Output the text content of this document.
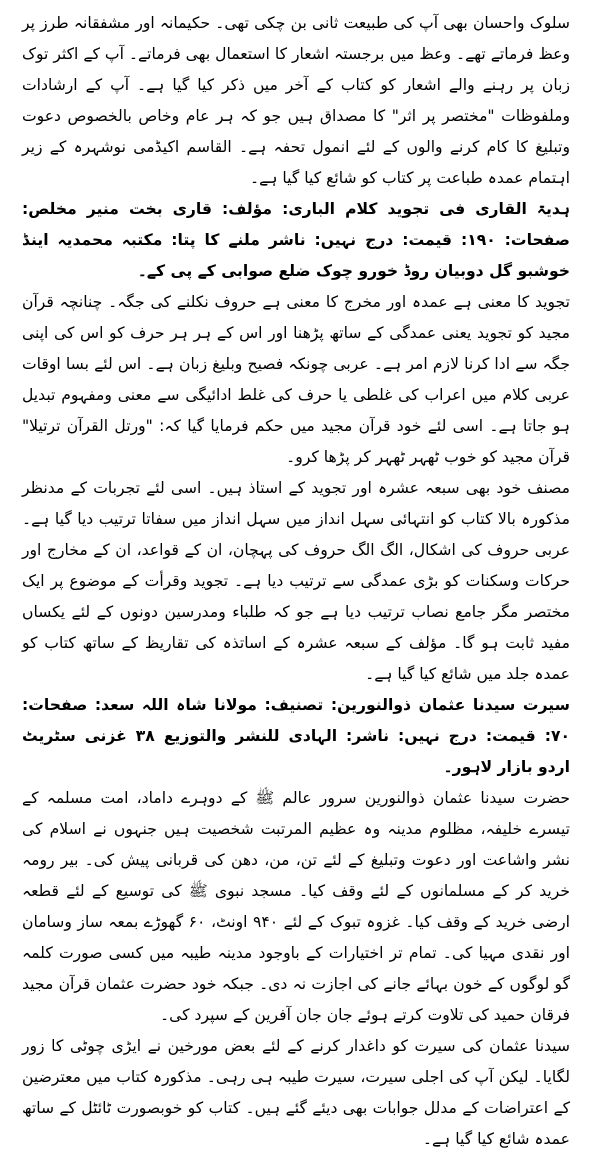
سلوک واحسان بھی آپ کی طبیعت ثانی بن چکی تھی۔ حکیمانہ اور مشفقانہ طرز پر وعظ فرماتے تھے۔ وعظ میں برجستہ اشعار کا استعمال بھی فرماتے۔ آپ کے اکثر توک زبان پر رہنے والے اشعار کو کتاب کے آخر میں ذکر کیا گیا ہے۔ آپ کے ارشادات وملفوظات "مختصر پر اثر" کا مصداق ہیں جو کہ ہر عام وخاص بالخصوص دعوت وتبلیغ کا کام کرنے والوں کے لئے انمول تحفہ ہے۔ القاسم اکیڈمی نوشہرہ کے زیر اہتمام عمدہ طباعت پر کتاب کو شائع کیا گیا ہے۔

ہدیۃ القاری فی تجوید کلام الباری: مؤلف: قاری بخت منیر مخلص: صفحات: ۱۹۰: قیمت: درج نہیں: ناشر ملنے کا پتا: مکتبہ محمدیہ اینڈ خوشبو گل دوبیان روڈ خورو چوک ضلع صوابی کے پی کے۔

تجوید کا معنی ہے عمدہ اور مخرج کا معنی ہے حروف نکلنے کی جگہ۔ چنانچہ قرآن مجید کو تجوید یعنی عمدگی کے ساتھ پڑھنا اور اس کے ہر ہر حرف کو اس کی اپنی جگہ سے ادا کرنا لازم امر ہے۔ عربی چونکہ فصیح وبلیغ زبان ہے۔ اس لئے بسا اوقات عربی کلام میں اعراب کی غلطی یا حرف کی غلط ادائیگی سے معنی ومفہوم تبدیل ہو جاتا ہے۔ اسی لئے خود قرآن مجید میں حکم فرمایا گیا کہ: "ورتل القرآن ترتیلا" قرآن مجید کو خوب ٹھہر ٹھہر کر پڑھا کرو۔

مصنف خود بھی سبعہ عشرہ اور تجوید کے استاذ ہیں۔ اسی لئے تجربات کے مدنظر مذکورہ بالا کتاب کو انتہائی سہل انداز میں سہل انداز میں سفاتا ترتیب دیا گیا ہے۔ عربی حروف کی اشکال، الگ الگ حروف کی پہچان، ان کے قواعد، ان کے مخارج اور حرکات وسکنات کو بڑی عمدگی سے ترتیب دیا ہے۔ تجوید وقرأت کے موضوع پر ایک مختصر مگر جامع نصاب ترتیب دیا ہے جو کہ طلباء ومدرسین دونوں کے لئے یکساں مفید ثابت ہو گا۔ مؤلف کے سبعہ عشرہ کے اساتذہ کی تقاریظ کے ساتھ کتاب کو عمدہ جلد میں شائع کیا گیا ہے۔

سیرت سیدنا عثمان ذوالنورین: تصنیف: مولانا شاہ اللہ سعد: صفحات: ۷۰: قیمت: درج نہیں: ناشر: الہادی للنشر والتوزیع ۳۸ غزنی سٹریٹ اردو بازار لاہور۔

حضرت سیدنا عثمان ذوالنورین سرور عالم ﷺ کے دوہرے داماد، امت مسلمہ کے تیسرے خلیفہ، مظلوم مدینہ وہ عظیم المرتبت شخصیت ہیں جنہوں نے اسلام کی نشر واشاعت اور دعوت وتبلیغ کے لئے تن، من، دھن کی قربانی پیش کی۔ بیر رومہ خرید کر کے مسلمانوں کے لئے وقف کیا۔ مسجد نبوی ﷺ کی توسیع کے لئے قطعہ ارضی خرید کے وقف کیا۔ غزوہ تبوک کے لئے ۹۴۰ اونٹ، ۶۰ گھوڑے بمعہ ساز وسامان اور نقدی مہیا کی۔ تمام تر اختیارات کے باوجود مدینہ طیبہ میں کسی صورت کلمہ گو لوگوں کے خون بہائے جانے کی اجازت نہ دی۔ جبکہ خود حضرت عثمان قرآن مجید فرقان حمید کی تلاوت کرتے ہوئے جان جان آفرین کے سپرد کی۔

سیدنا عثمان کی سیرت کو داغدار کرنے کے لئے بعض مورخین نے ایڑی چوٹی کا زور لگایا۔ لیکن آپ کی اجلی سیرت، سیرت طیبہ ہی رہی۔ مذکورہ کتاب میں معترضین کے اعتراضات کے مدلل جوابات بھی دیئے گئے ہیں۔ کتاب کو خوبصورت ٹائٹل کے ساتھ عمدہ شائع کیا گیا ہے۔
